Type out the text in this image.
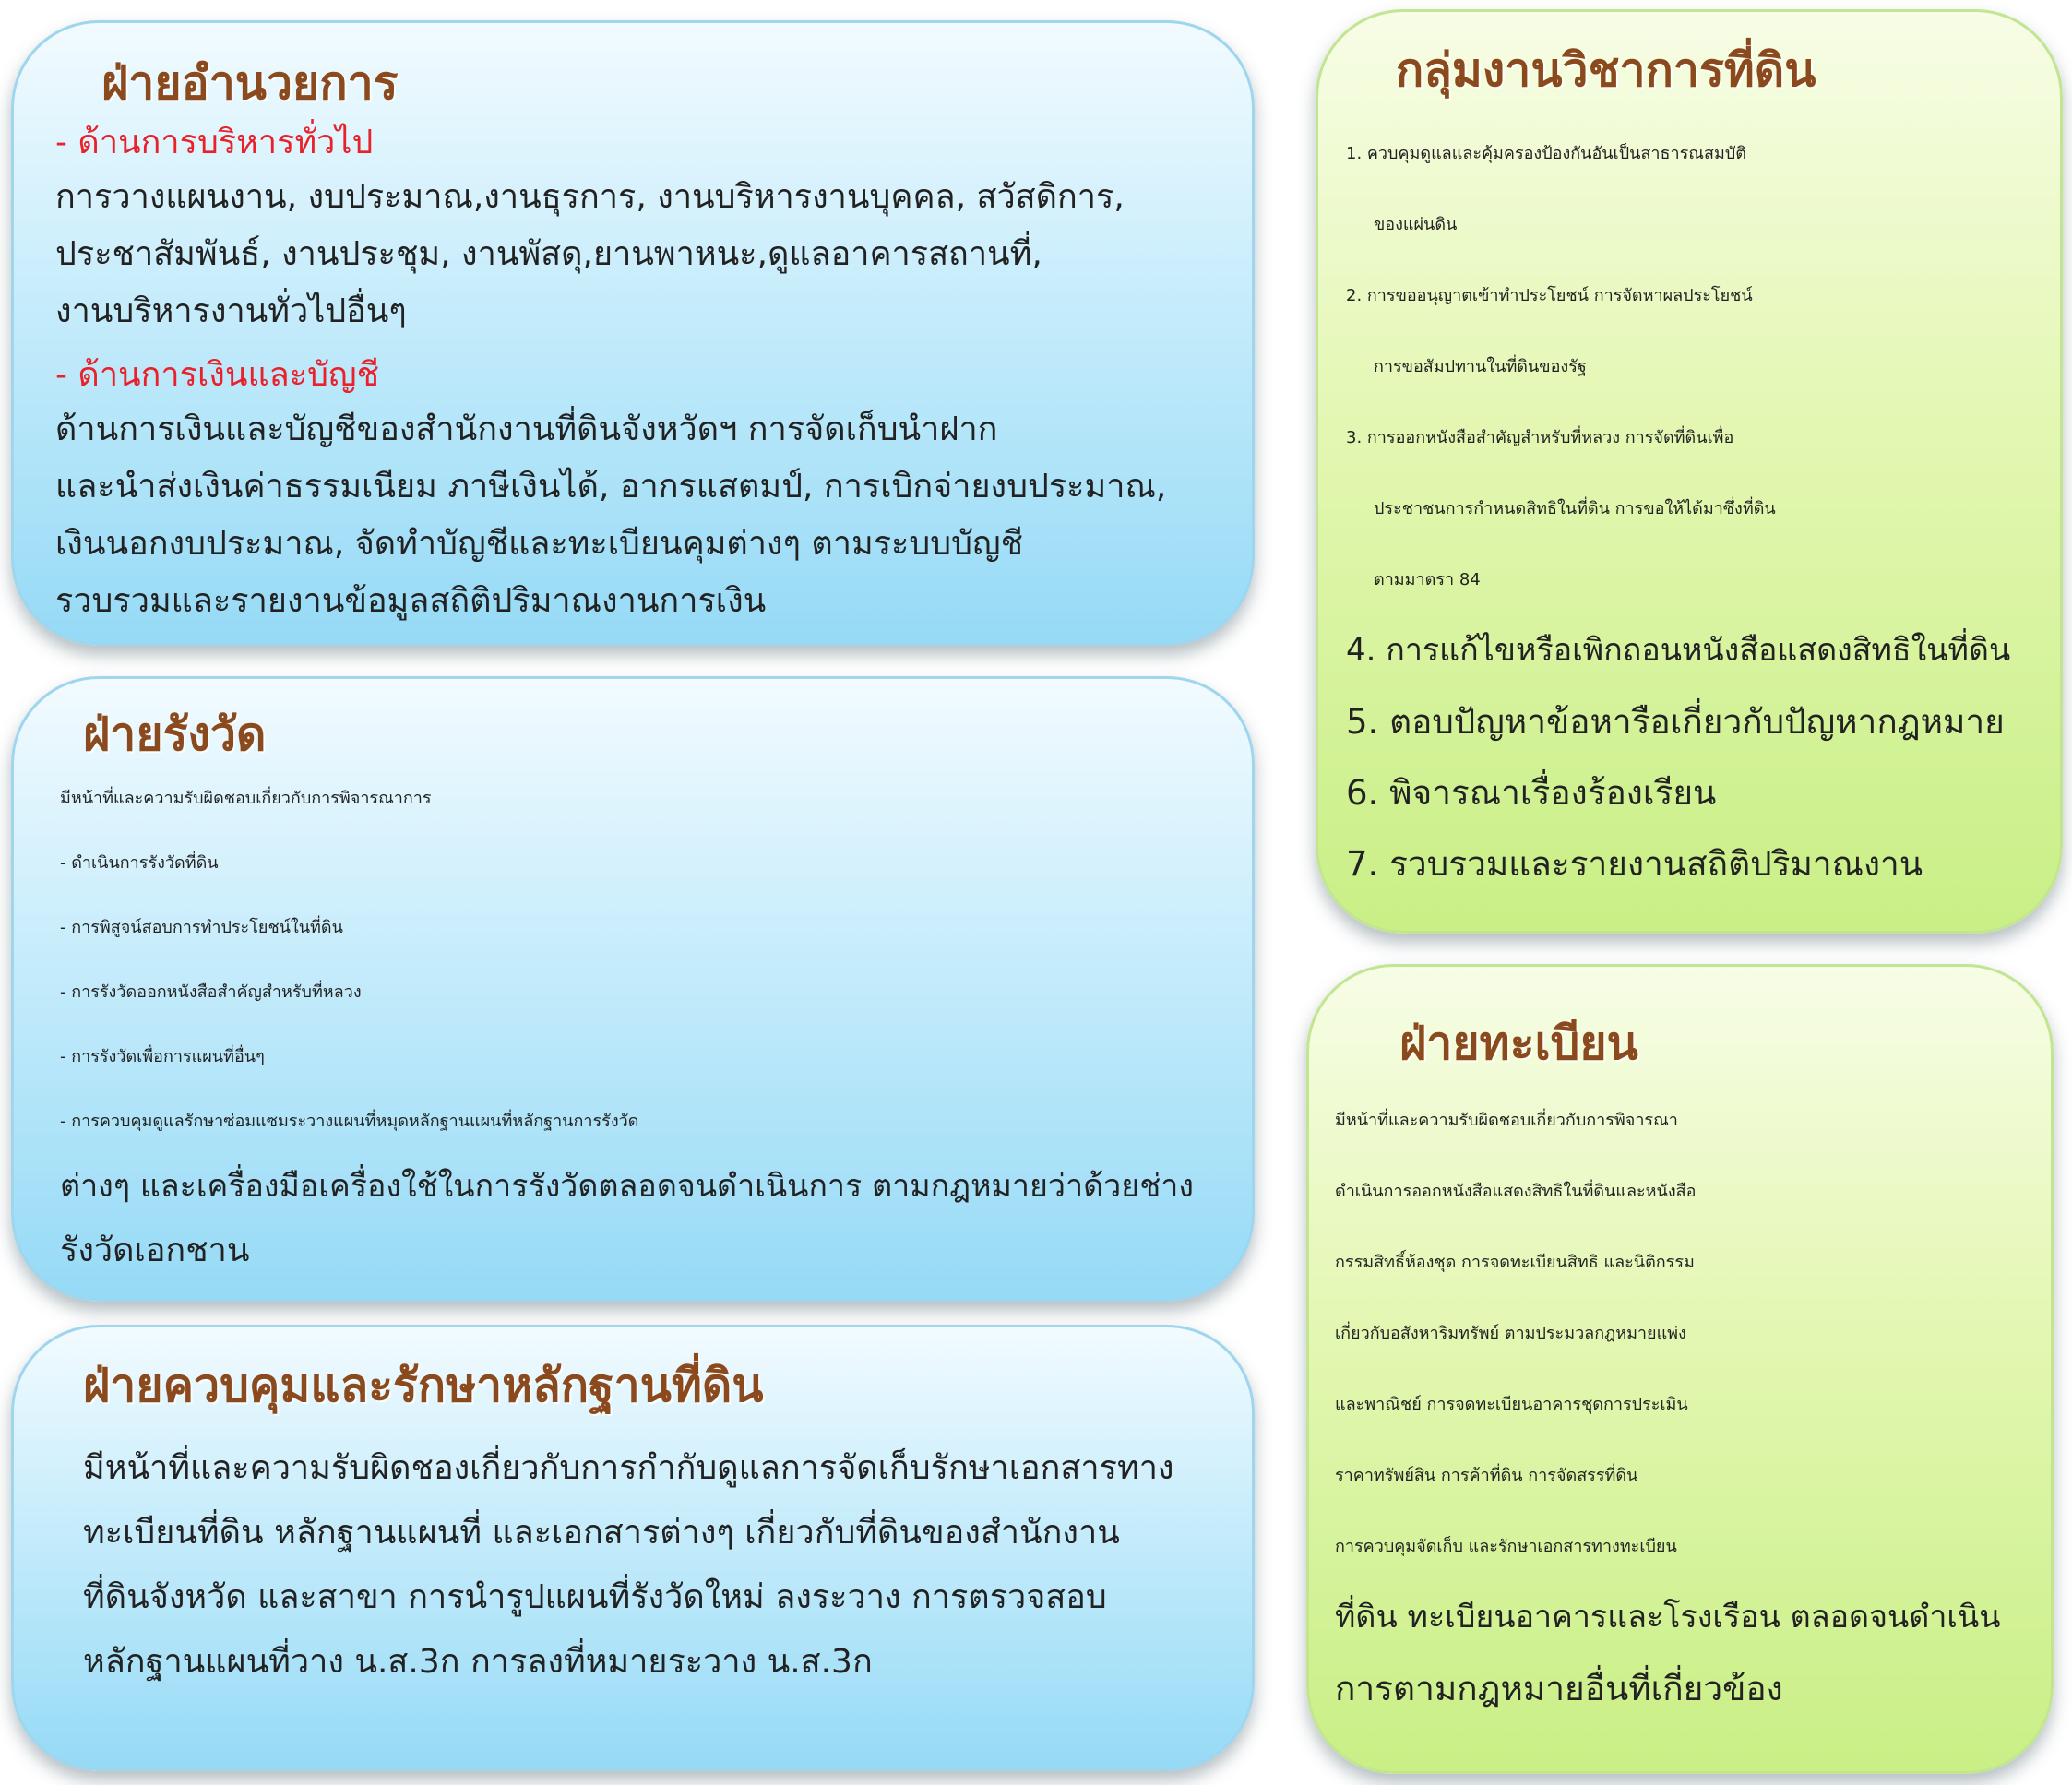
ฝ่ายอำนวยการ

- ด้านการบริหารทั่วไป

การวางแผนงาน, งบประมาณ,งานธุรการ, งานบริหารงานบุคคล, สวัสดิการ,
ประชาสัมพันธ์, งานประชุม, งานพัสดุ,ยานพาหนะ,ดูแลอาคารสถานที่,
งานบริหารงานทั่วไปอื่นๆ

- ด้านการเงินและบัญชี

ด้านการเงินและบัญชีของสำนักงานที่ดินจังหวัดฯ การจัดเก็บนำฝาก
และนำส่งเงินค่าธรรมเนียม ภาษีเงินได้, อากรแสตมป์, การเบิกจ่ายงบประมาณ,
เงินนอกงบประมาณ, จัดทำบัญชีและทะเบียนคุมต่างๆ ตามระบบบัญชี
รวบรวมและรายงานข้อมูลสถิติปริมาณงานการเงิน
ฝ่ายรังวัด
มีหน้าที่และความรับผิดชอบเกี่ยวกับการพิจารณาการ
- ดำเนินการรังวัดที่ดิน
- การพิสูจน์สอบการทำประโยชน์ในที่ดิน
- การรังวัดออกหนังสือสำคัญสำหรับที่หลวง
- การรังวัดเพื่อการแผนที่อื่นๆ
- การควบคุมดูแลรักษาซ่อมแซมระวางแผนที่หมุดหลักฐานแผนที่หลักฐานการรังวัด
ต่างๆ และเครื่องมือเครื่องใช้ในการรังวัดตลอดจนดำเนินการ ตามกฎหมายว่าด้วยช่าง
รังวัดเอกชาน
ฝ่ายควบคุมและรักษาหลักฐานที่ดิน
มีหน้าที่และความรับผิดชองเกี่ยวกับการกำกับดูแลการจัดเก็บรักษาเอกสารทาง
ทะเบียนที่ดิน หลักฐานแผนที่ และเอกสารต่างๆ เกี่ยวกับที่ดินของสำนักงาน
ที่ดินจังหวัด และสาขา การนำรูปแผนที่รังวัดใหม่ ลงระวาง การตรวจสอบ
หลักฐานแผนที่วาง น.ส.3ก การลงที่หมายระวาง น.ส.3ก
กลุ่มงานวิชาการที่ดิน
1. ควบคุมดูแลและคุ้มครองป้องกันอันเป็นสาธารณสมบัติ
ของแผ่นดิน
2. การขออนุญาตเข้าทำประโยชน์ การจัดหาผลประโยชน์
การขอสัมปทานในที่ดินของรัฐ
3. การออกหนังสือสำคัญสำหรับที่หลวง การจัดที่ดินเพื่อ
ประชาชนการกำหนดสิทธิในที่ดิน การขอให้ได้มาซึ่งที่ดิน
ตามมาตรา 84
4. การแก้ไขหรือเพิกถอนหนังสือแสดงสิทธิในที่ดิน
5. ตอบปัญหาข้อหารือเกี่ยวกับปัญหากฎหมาย
6. พิจารณาเรื่องร้องเรียน
7. รวบรวมและรายงานสถิติปริมาณงาน
ฝ่ายทะเบียน
มีหน้าที่และความรับผิดชอบเกี่ยวกับการพิจารณา
ดำเนินการออกหนังสือแสดงสิทธิในที่ดินและหนังสือ
กรรมสิทธิ์ห้องชุด การจดทะเบียนสิทธิ และนิติกรรม
เกี่ยวกับอสังหาริมทรัพย์ ตามประมวลกฎหมายแพ่ง
และพาณิชย์ การจดทะเบียนอาคารชุดการประเมิน
ราคาทรัพย์สิน การค้าที่ดิน การจัดสรรที่ดิน
การควบคุมจัดเก็บ และรักษาเอกสารทางทะเบียน
ที่ดิน ทะเบียนอาคารและโรงเรือน ตลอดจนดำเนิน
การตามกฎหมายอื่นที่เกี่ยวข้อง
